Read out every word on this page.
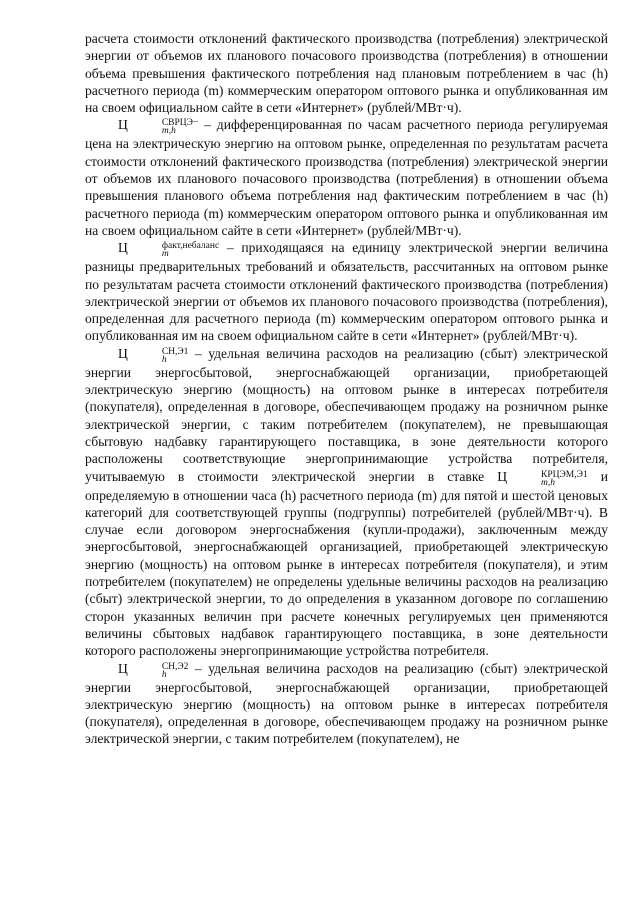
расчета стоимости отклонений фактического производства (потребления) электрической энергии от объемов их планового почасового производства (потребления) в отношении объема превышения фактического потребления над плановым потреблением в час (h) расчетного периода (m) коммерческим оператором оптового рынка и опубликованная им на своем официальном сайте в сети «Интернет» (рублей/МВт·ч).

Ц	СВРЦЭ−
m,h	– дифференцированная по часам расчетного периода регулируемая цена на электрическую энергию на оптовом рынке, определенная по результатам расчета стоимости отклонений фактического производства (потребления) электрической энергии от объемов их планового почасового производства (потребления) в отношении объема превышения планового объема потребления над фактическим потреблением в час (h) расчетного периода (m) коммерческим оператором оптового рынка и опубликованная им на своем официальном сайте в сети «Интернет» (рублей/МВт·ч).

Ц	факт,небаланс
m	– приходящаяся на единицу электрической энергии величина разницы предварительных требований и обязательств, рассчитанных на оптовом рынке по результатам расчета стоимости отклонений фактического производства (потребления) электрической энергии от объемов их планового почасового производства (потребления), определенная для расчетного периода (m) коммерческим оператором оптового рынка и опубликованная им на своем официальном сайте в сети «Интернет» (рублей/МВт·ч).

Ц	СН,Э1
h	– удельная величина расходов на реализацию (сбыт) электрической энергии энергосбытовой, энергоснабжающей организации, приобретающей электрическую энергию (мощность) на оптовом рынке в интересах потребителя (покупателя), определенная в договоре, обеспечивающем продажу на розничном рынке электрической энергии, с таким потребителем (покупателем), не превышающая сбытовую надбавку гарантирующего поставщика, в зоне деятельности которого расположены соответствующие энергопринимающие устройства потребителя, учитываемую в стоимости электрической энергии в ставке Ц	КРЦЭМ,Э1
m,h	и определяемую в отношении часа (h) расчетного периода (m) для пятой и шестой ценовых категорий для соответствующей группы (подгруппы) потребителей (рублей/МВт·ч). В случае если договором энергоснабжения (купли-продажи), заключенным между энергосбытовой, энергоснабжающей организацией, приобретающей электрическую энергию (мощность) на оптовом рынке в интересах потребителя (покупателя), и этим потребителем (покупателем) не определены удельные величины расходов на реализацию (сбыт) электрической энергии, то до определения в указанном договоре по соглашению сторон указанных величин при расчете конечных регулируемых цен применяются величины сбытовых надбавок гарантирующего поставщика, в зоне деятельности которого расположены энергопринимающие устройства потребителя.

Ц	СН,Э2
h	– удельная величина расходов на реализацию (сбыт) электрической энергии энергосбытовой, энергоснабжающей организации, приобретающей электрическую энергию (мощность) на оптовом рынке в интересах потребителя (покупателя), определенная в договоре, обеспечивающем продажу на розничном рынке электрической энергии, с таким потребителем (покупателем), не
